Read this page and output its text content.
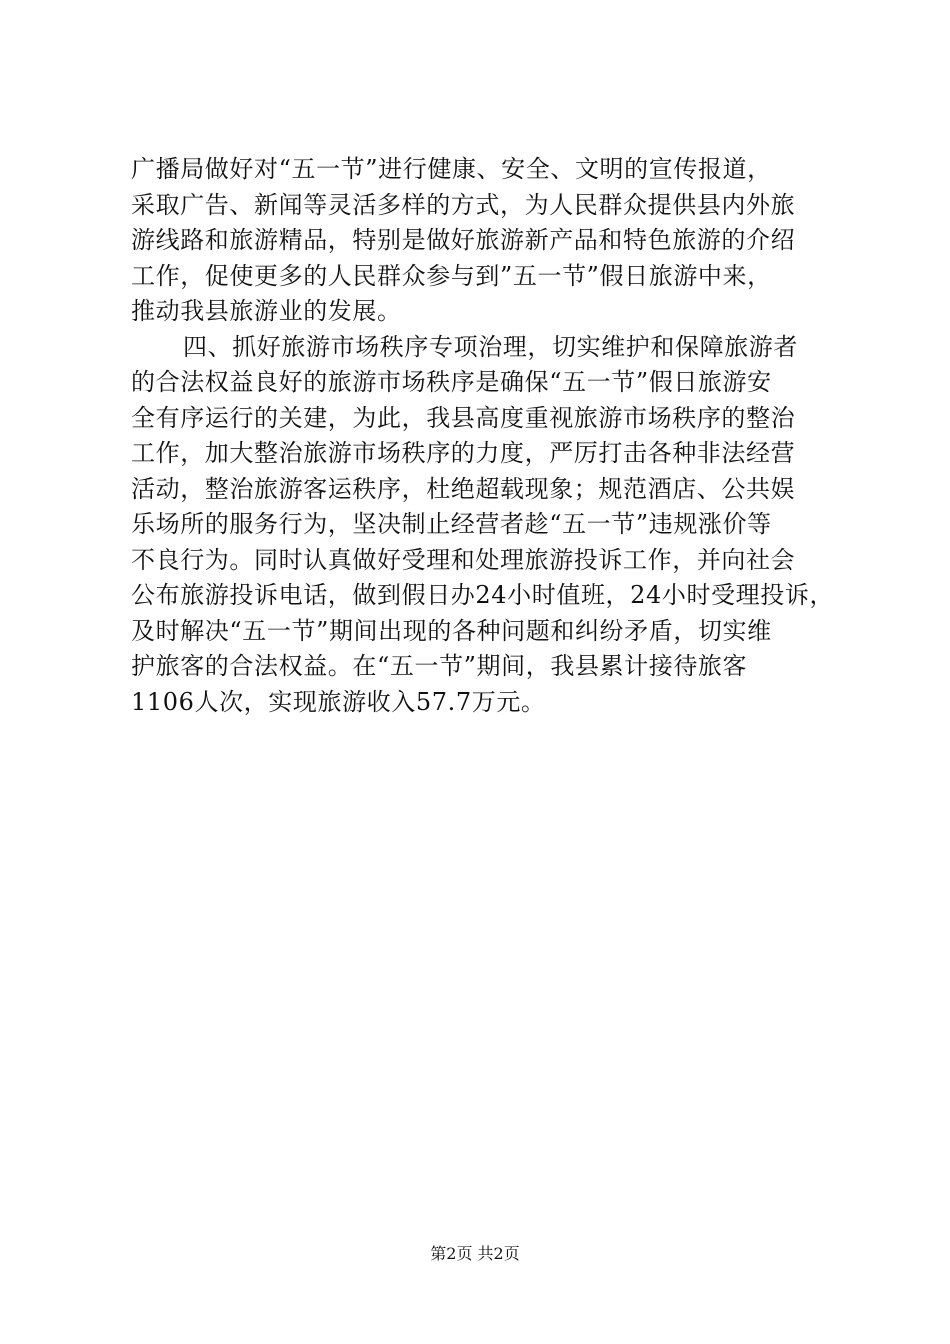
广播局做好对“五一节”进行健康、安全、文明的宣传报道，
采取广告、新闻等灵活多样的方式，为人民群众提供县内外旅
游线路和旅游精品，特别是做好旅游新产品和特色旅游的介绍
工作，促使更多的人民群众参与到”五一节”假日旅游中来，
推动我县旅游业的发展。
四、抓好旅游市场秩序专项治理，切实维护和保障旅游者
的合法权益良好的旅游市场秩序是确保“五一节”假日旅游安
全有序运行的关建，为此，我县高度重视旅游市场秩序的整治
工作，加大整治旅游市场秩序的力度，严厉打击各种非法经营
活动，整治旅游客运秩序，杜绝超载现象；规范酒店、公共娱
乐场所的服务行为，坚决制止经营者趁“五一节”违规涨价等
不良行为。同时认真做好受理和处理旅游投诉工作，并向社会
公布旅游投诉电话，做到假日办24小时值班，24小时受理投诉，
及时解决“五一节”期间出现的各种问题和纠纷矛盾，切实维
护旅客的合法权益。在“五一节”期间，我县累计接待旅客
1106人次，实现旅游收入57.7万元。
第2页 共2页
